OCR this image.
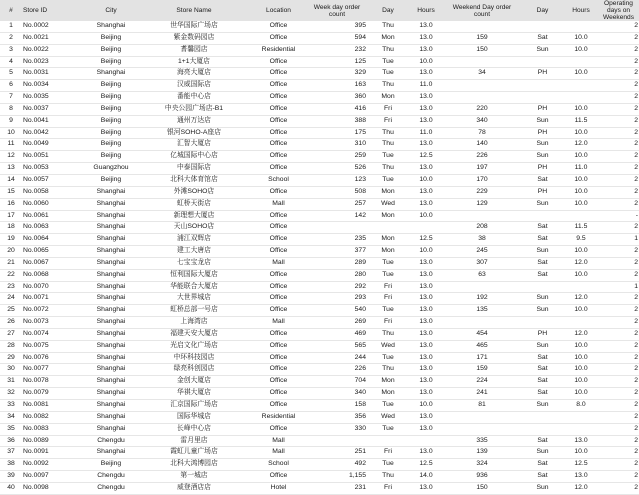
#	Store ID	City	Store Name	Location	Week day order count	Day	Hours	Weekend Day order count	Day	Hours	Operating days on Weekends
1	No.0002	Shanghai	世华国际广场店	Office	395	Thu	13.0				2
2	No.0021	Beijing	紫金数码园店	Office	594	Mon	13.0	159	Sat	10.0	2
3	No.0022	Beijing	耆馨园店	Residential	232	Thu	13.0	150	Sun	10.0	2
4	No.0023	Beijing	1+1大厦店	Office	125	Tue	10.0				2
5	No.0031	Shanghai	海亮大厦店	Office	329	Tue	13.0	34	PH	10.0	2
6	No.0034	Beijing	汉威国际店	Office	163	Thu	11.0				2
7	No.0035	Beijing	番能中心店	Office	360	Mon	13.0				2
8	No.0037	Beijing	中央公园广场店-B1	Office	416	Fri	13.0	220	PH	10.0	2
9	No.0041	Beijing	通州万达店	Office	388	Fri	13.0	340	Sun	11.5	2
10	No.0042	Beijing	银河SOHO-A座店	Office	175	Thu	11.0	78	PH	10.0	2
11	No.0049	Beijing	汇智大厦店	Office	310	Thu	13.0	140	Sun	12.0	2
12	No.0051	Beijing	亿城国际中心店	Office	259	Tue	12.5	226	Sun	10.0	2
13	No.0053	Guangzhou	中泰国际店	Office	526	Thu	13.0	197	PH	11.0	2
14	No.0057	Beijing	北科大体育馆店	School	123	Tue	10.0	170	Sat	10.0	2
15	No.0058	Shanghai	外滩SOHO店	Office	508	Mon	13.0	229	PH	10.0	2
16	No.0060	Shanghai	虹桥天街店	Mall	257	Wed	13.0	129	Sun	10.0	2
17	No.0061	Shanghai	新理想大厦店	Office	142	Mon	10.0				-
18	No.0063	Shanghai	天山SOHO店	Office				208	Sat	11.5	2
19	No.0064	Shanghai	浦江双辉店	Office	235	Mon	12.5	38	Sat	9.5	1
20	No.0065	Shanghai	建工大唐店	Office	377	Mon	10.0	245	Sun	10.0	2
21	No.0067	Shanghai	七宝宝龙店	Mall	289	Tue	13.0	307	Sat	12.0	2
22	No.0068	Shanghai	恒利国际大厦店	Office	280	Tue	13.0	63	Sat	10.0	2
23	No.0070	Shanghai	华能联合大厦店	Office	292	Fri	13.0				1
24	No.0071	Shanghai	大世界城店	Office	293	Fri	13.0	192	Sun	12.0	2
25	No.0072	Shanghai	虹桥总部一号店	Office	540	Tue	13.0	135	Sun	10.0	2
26	No.0073	Shanghai	上海湾店	Mall	269	Fri	13.0				2
27	No.0074	Shanghai	福建天安大厦店	Office	469	Thu	13.0	454	PH	12.0	2
28	No.0075	Shanghai	光启文化广场店	Office	565	Wed	13.0	465	Sun	10.0	2
29	No.0076	Shanghai	中环科技园店	Office	244	Tue	13.0	171	Sat	10.0	2
30	No.0077	Shanghai	绿亮科创园店	Office	226	Thu	13.0	159	Sat	10.0	2
31	No.0078	Shanghai	金创大厦店	Office	704	Mon	13.0	224	Sat	10.0	2
32	No.0079	Shanghai	华祺大厦店	Office	340	Mon	13.0	241	Sat	10.0	2
33	No.0081	Shanghai	汇京国际广场店	Office	158	Tue	10.0	81	Sun	8.0	2
34	No.0082	Shanghai	国际华城店	Residential	356	Wed	13.0				2
35	No.0083	Shanghai	长峰中心店	Office	330	Tue	13.0				2
36	No.0089	Chengdu	雷月里店	Mall				335	Sat	13.0	2
37	No.0091	Shanghai	霞虹儿童广场店	Mall	251	Fri	13.0	139	Sun	10.0	2
38	No.0092	Beijing	北科大鸿博园店	School	492	Tue	12.5	324	Sat	12.5	2
39	No.0097	Chengdu	第一城店	Office	1,155	Thu	14.0	936	Sat	13.0	2
40	No.0098	Chengdu	威登酒店店	Hotel	231	Fri	13.0	150	Sun	12.0	2
